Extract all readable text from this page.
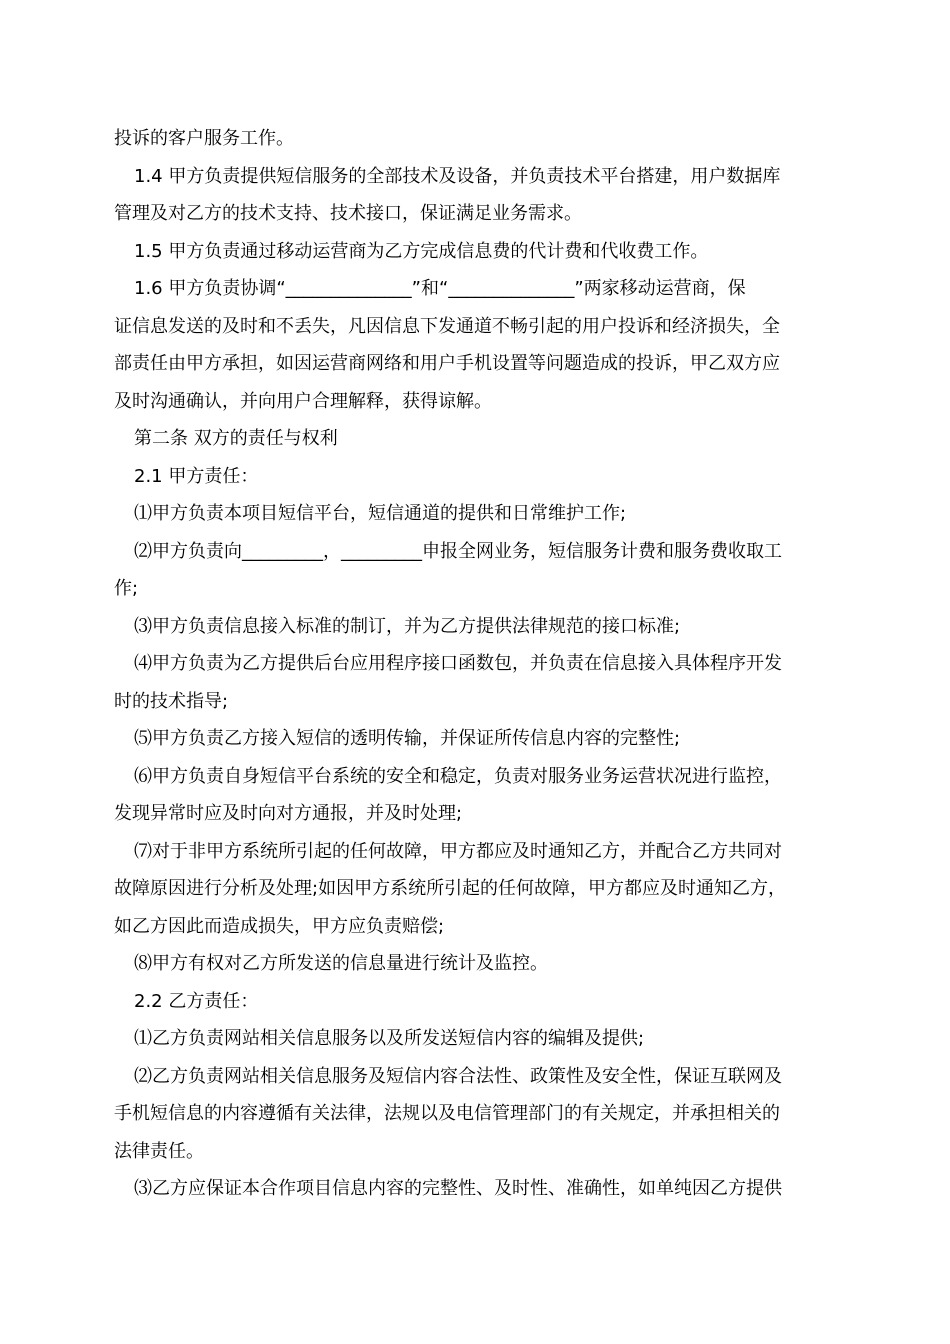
投诉的客户服务工作。

1.4 甲方负责提供短信服务的全部技术及设备，并负责技术平台搭建，用户数据库
管理及对乙方的技术支持、技术接口，保证满足业务需求。

1.5 甲方负责通过移动运营商为乙方完成信息费的代计费和代收费工作。

1.6 甲方负责协调“______________”和“______________”两家移动运营商，保
证信息发送的及时和不丢失，凡因信息下发通道不畅引起的用户投诉和经济损失，全
部责任由甲方承担，如因运营商网络和用户手机设置等问题造成的投诉，甲乙双方应
及时沟通确认，并向用户合理解释，获得谅解。

第二条 双方的责任与权利

2.1 甲方责任：

⑴甲方负责本项目短信平台，短信通道的提供和日常维护工作;

⑵甲方负责向_________，_________申报全网业务，短信服务计费和服务费收取工
作;

⑶甲方负责信息接入标准的制订，并为乙方提供法律规范的接口标准;

⑷甲方负责为乙方提供后台应用程序接口函数包，并负责在信息接入具体程序开发
时的技术指导;

⑸甲方负责乙方接入短信的透明传输，并保证所传信息内容的完整性;

⑹甲方负责自身短信平台系统的安全和稳定，负责对服务业务运营状况进行监控，
发现异常时应及时向对方通报，并及时处理;

⑺对于非甲方系统所引起的任何故障，甲方都应及时通知乙方，并配合乙方共同对
故障原因进行分析及处理;如因甲方系统所引起的任何故障，甲方都应及时通知乙方，
如乙方因此而造成损失，甲方应负责赔偿;

⑻甲方有权对乙方所发送的信息量进行统计及监控。

2.2 乙方责任：

⑴乙方负责网站相关信息服务以及所发送短信内容的编辑及提供;

⑵乙方负责网站相关信息服务及短信内容合法性、政策性及安全性，保证互联网及
手机短信息的内容遵循有关法律，法规以及电信管理部门的有关规定，并承担相关的
法律责任。

⑶乙方应保证本合作项目信息内容的完整性、及时性、准确性，如单纯因乙方提供
